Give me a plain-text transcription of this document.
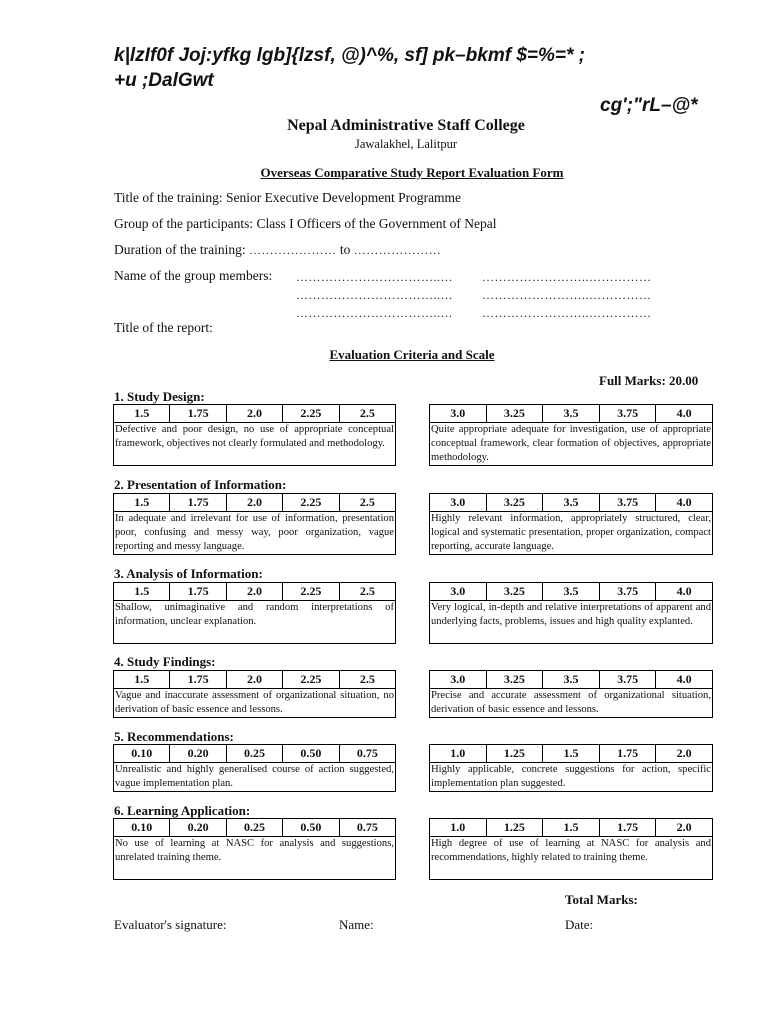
k|lzIf0f Joj:yfkg lgb]{lzsf, @)^%, sf] pk–bkmf $=%=* ;
+u ;DalGwt
cg';"rL–@*
Nepal Administrative Staff College
Jawalakhel, Lalitpur
Overseas Comparative Study Report Evaluation Form
Title of the training: Senior Executive Development Programme
Group of the participants: Class I Officers of the Government of Nepal
Duration of the training: ………………… to …………………
Name of the group members: ……………………………..… ……………………..……………
……………………………..… ……………………..……………
……………………………..… ……………………..……………
Title of the report:
Evaluation Criteria and Scale
Full Marks: 20.00
1. Study Design:
1.5	1.75	2.0	2.25	2.5

Defective and poor design, no use of appropriate conceptual framework, objectives not clearly formulated and methodology.

3.0	3.25	3.5	3.75	4.0

Quite appropriate adequate for investigation, use of appropriate conceptual framework, clear formation of objectives, appropriate methodology.

2. Presentation of Information:
1.5	1.75	2.0	2.25	2.5

In adequate and irrelevant for use of information, presentation poor, confusing and messy way, poor organization, vague reporting and messy language.

3.0	3.25	3.5	3.75	4.0

Highly relevant information, appropriately structured, clear, logical and systematic presentation, proper organization, compact reporting, accurate language.

3. Analysis of Information:
1.5	1.75	2.0	2.25	2.5

Shallow, unimaginative and random interpretations of information, unclear explanation.

3.0	3.25	3.5	3.75	4.0

Very logical, in-depth and relative interpretations of apparent and underlying facts, problems, issues and high quality explanted.

4. Study Findings:
1.5	1.75	2.0	2.25	2.5

Vague and inaccurate assessment of organizational situation, no derivation of basic essence and lessons.

3.0	3.25	3.5	3.75	4.0

Precise and accurate assessment of organizational situation, derivation of basic essence and lessons.

5. Recommendations:
0.10	0.20	0.25	0.50	0.75

Unrealistic and highly generalised course of action suggested, vague implementation plan.

1.0	1.25	1.5	1.75	2.0

Highly applicable, concrete suggestions for action, specific implementation plan suggested.

6. Learning Application:
0.10	0.20	0.25	0.50	0.75

No use of learning at NASC for analysis and suggestions, unrelated training theme.

1.0	1.25	1.5	1.75	2.0

High degree of use of learning at NASC for analysis and recommendations, highly related to training theme.

Total Marks:
Evaluator's signature:	Name:	Date:
